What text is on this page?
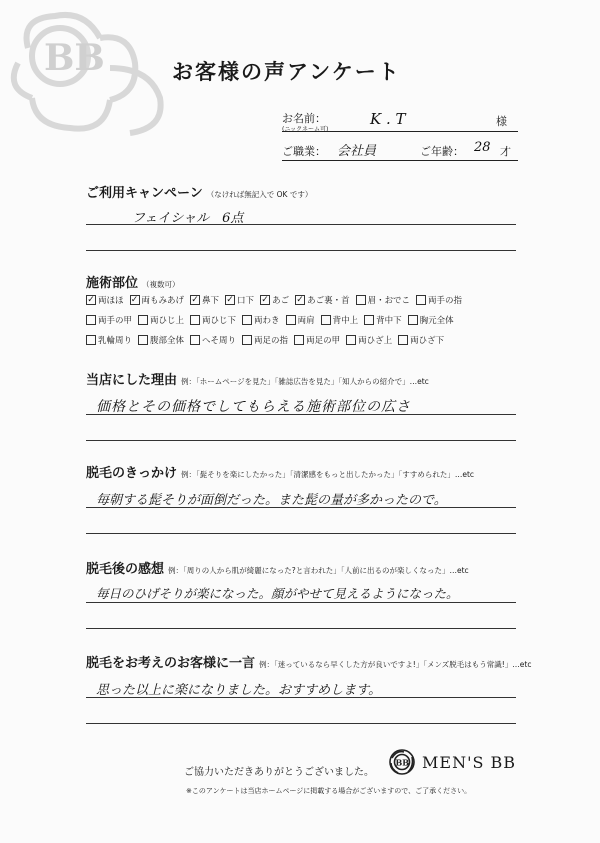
BB	お客様の声アンケート
お名前：
(ニックネーム可)
K . T	様
ご職業： 会社員	ご年齢： 28 才
ご利用キャンペーン （なければ無記入で OK です）
フェイシャル　6点
施術部位 （複数可）
✓ 両ほほ ✓ 両もみあげ ✓ 鼻下 ✓ 口下 ✓ あご ✓ あご裏・首 眉・おでこ 両手の指
両手の甲 両ひじ上 両ひじ下 両わき 両肩 背中上 背中下 胸元全体
乳輪周り 腹部全体 へそ周り 両足の指 両足の甲 両ひざ上 両ひざ下
当店にした理由 例：「ホームページを見た」「雑誌広告を見た」「知人からの紹介で」…etc
価格とその価格でしてもらえる施術部位の広さ
脱毛のきっかけ 例：「髭そりを楽にしたかった」「清潔感をもっと出したかった」「すすめられた」…etc
毎朝する髭そりが面倒だった。また髭の量が多かったので。
脱毛後の感想 例：「周りの人から肌が綺麗になった?と言われた」「人前に出るのが楽しくなった」…etc
毎日のひげそりが楽になった。顔がやせて見えるようになった。
脱毛をお考えのお客様に一言 例：「迷っているなら早くした方が良いですよ!」「メンズ脱毛はもう常識!」…etc
思った以上に楽になりました。おすすめします。
ご協力いただきありがとうございました。
BB MEN'S BB
※このアンケートは当店ホームページに掲載する場合がございますので、ご了承ください。
